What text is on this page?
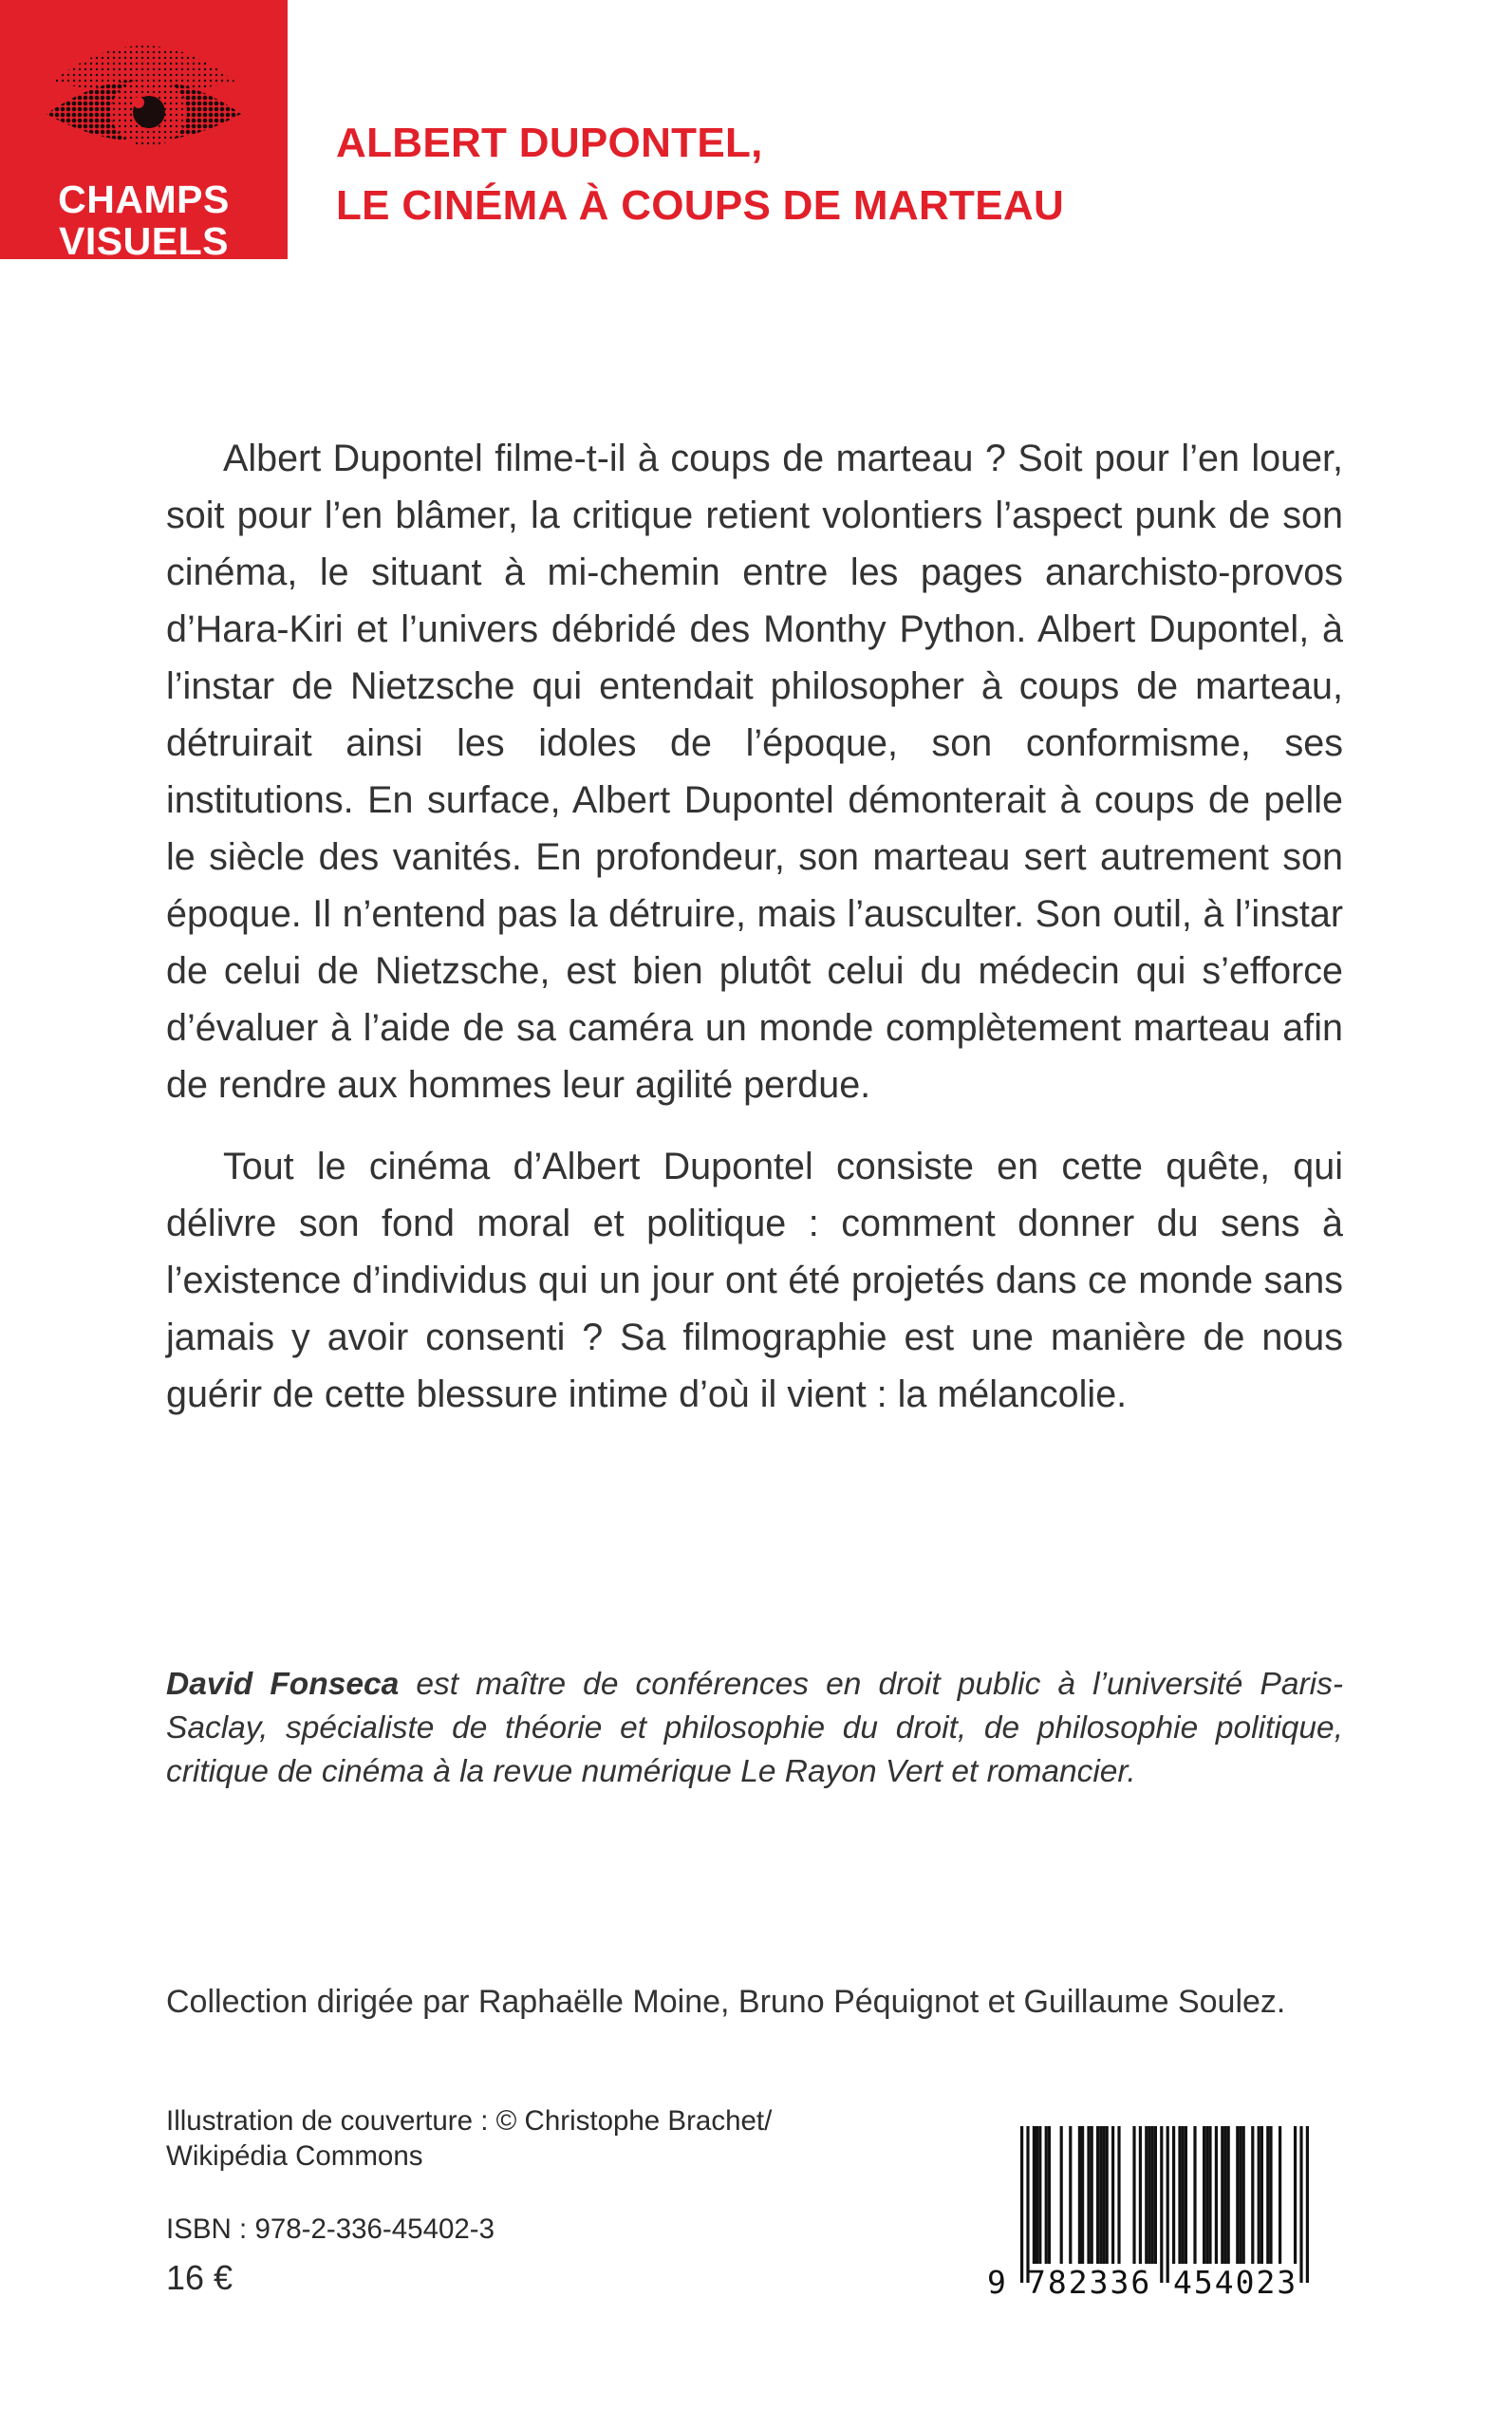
CHAMPS
VISUELS
ALBERT DUPONTEL,
LE CINÉMA À COUPS DE MARTEAU

Albert Dupontel filme-t-il à coups de marteau ? Soit pour l’en louer, soit pour l’en blâmer, la critique retient volontiers l’aspect punk de son cinéma, le situant à mi-chemin entre les pages anarchisto-provos d’Hara-Kiri et l’univers débridé des Monthy Python. Albert Dupontel, à l’instar de Nietzsche qui entendait philosopher à coups de marteau, détruirait ainsi les idoles de l’époque, son conformisme, ses institutions. En surface, Albert Dupontel démonterait à coups de pelle le siècle des vanités. En profondeur, son marteau sert autrement son époque. Il n’entend pas la détruire, mais l’ausculter. Son outil, à l’instar de celui de Nietzsche, est bien plutôt celui du médecin qui s’efforce d’évaluer à l’aide de sa caméra un monde complètement marteau afin de rendre aux hommes leur agilité perdue.

Tout le cinéma d’Albert Dupontel consiste en cette quête, qui délivre son fond moral et politique : comment donner du sens à l’existence d’individus qui un jour ont été projetés dans ce monde sans jamais y avoir consenti ? Sa filmographie est une manière de nous guérir de cette blessure intime d’où il vient : la mélancolie.

David Fonseca est maître de conférences en droit public à l’université Paris-Saclay, spécialiste de théorie et philosophie du droit, de philosophie politique, critique de cinéma à la revue numérique Le Rayon Vert et romancier.
Collection dirigée par Raphaëlle Moine, Bruno Péquignot et Guillaume Soulez.
Illustration de couverture : © Christophe Brachet/
Wikipédia Commons
ISBN : 978-2-336-45402-3
16 €	9 782336 454023
